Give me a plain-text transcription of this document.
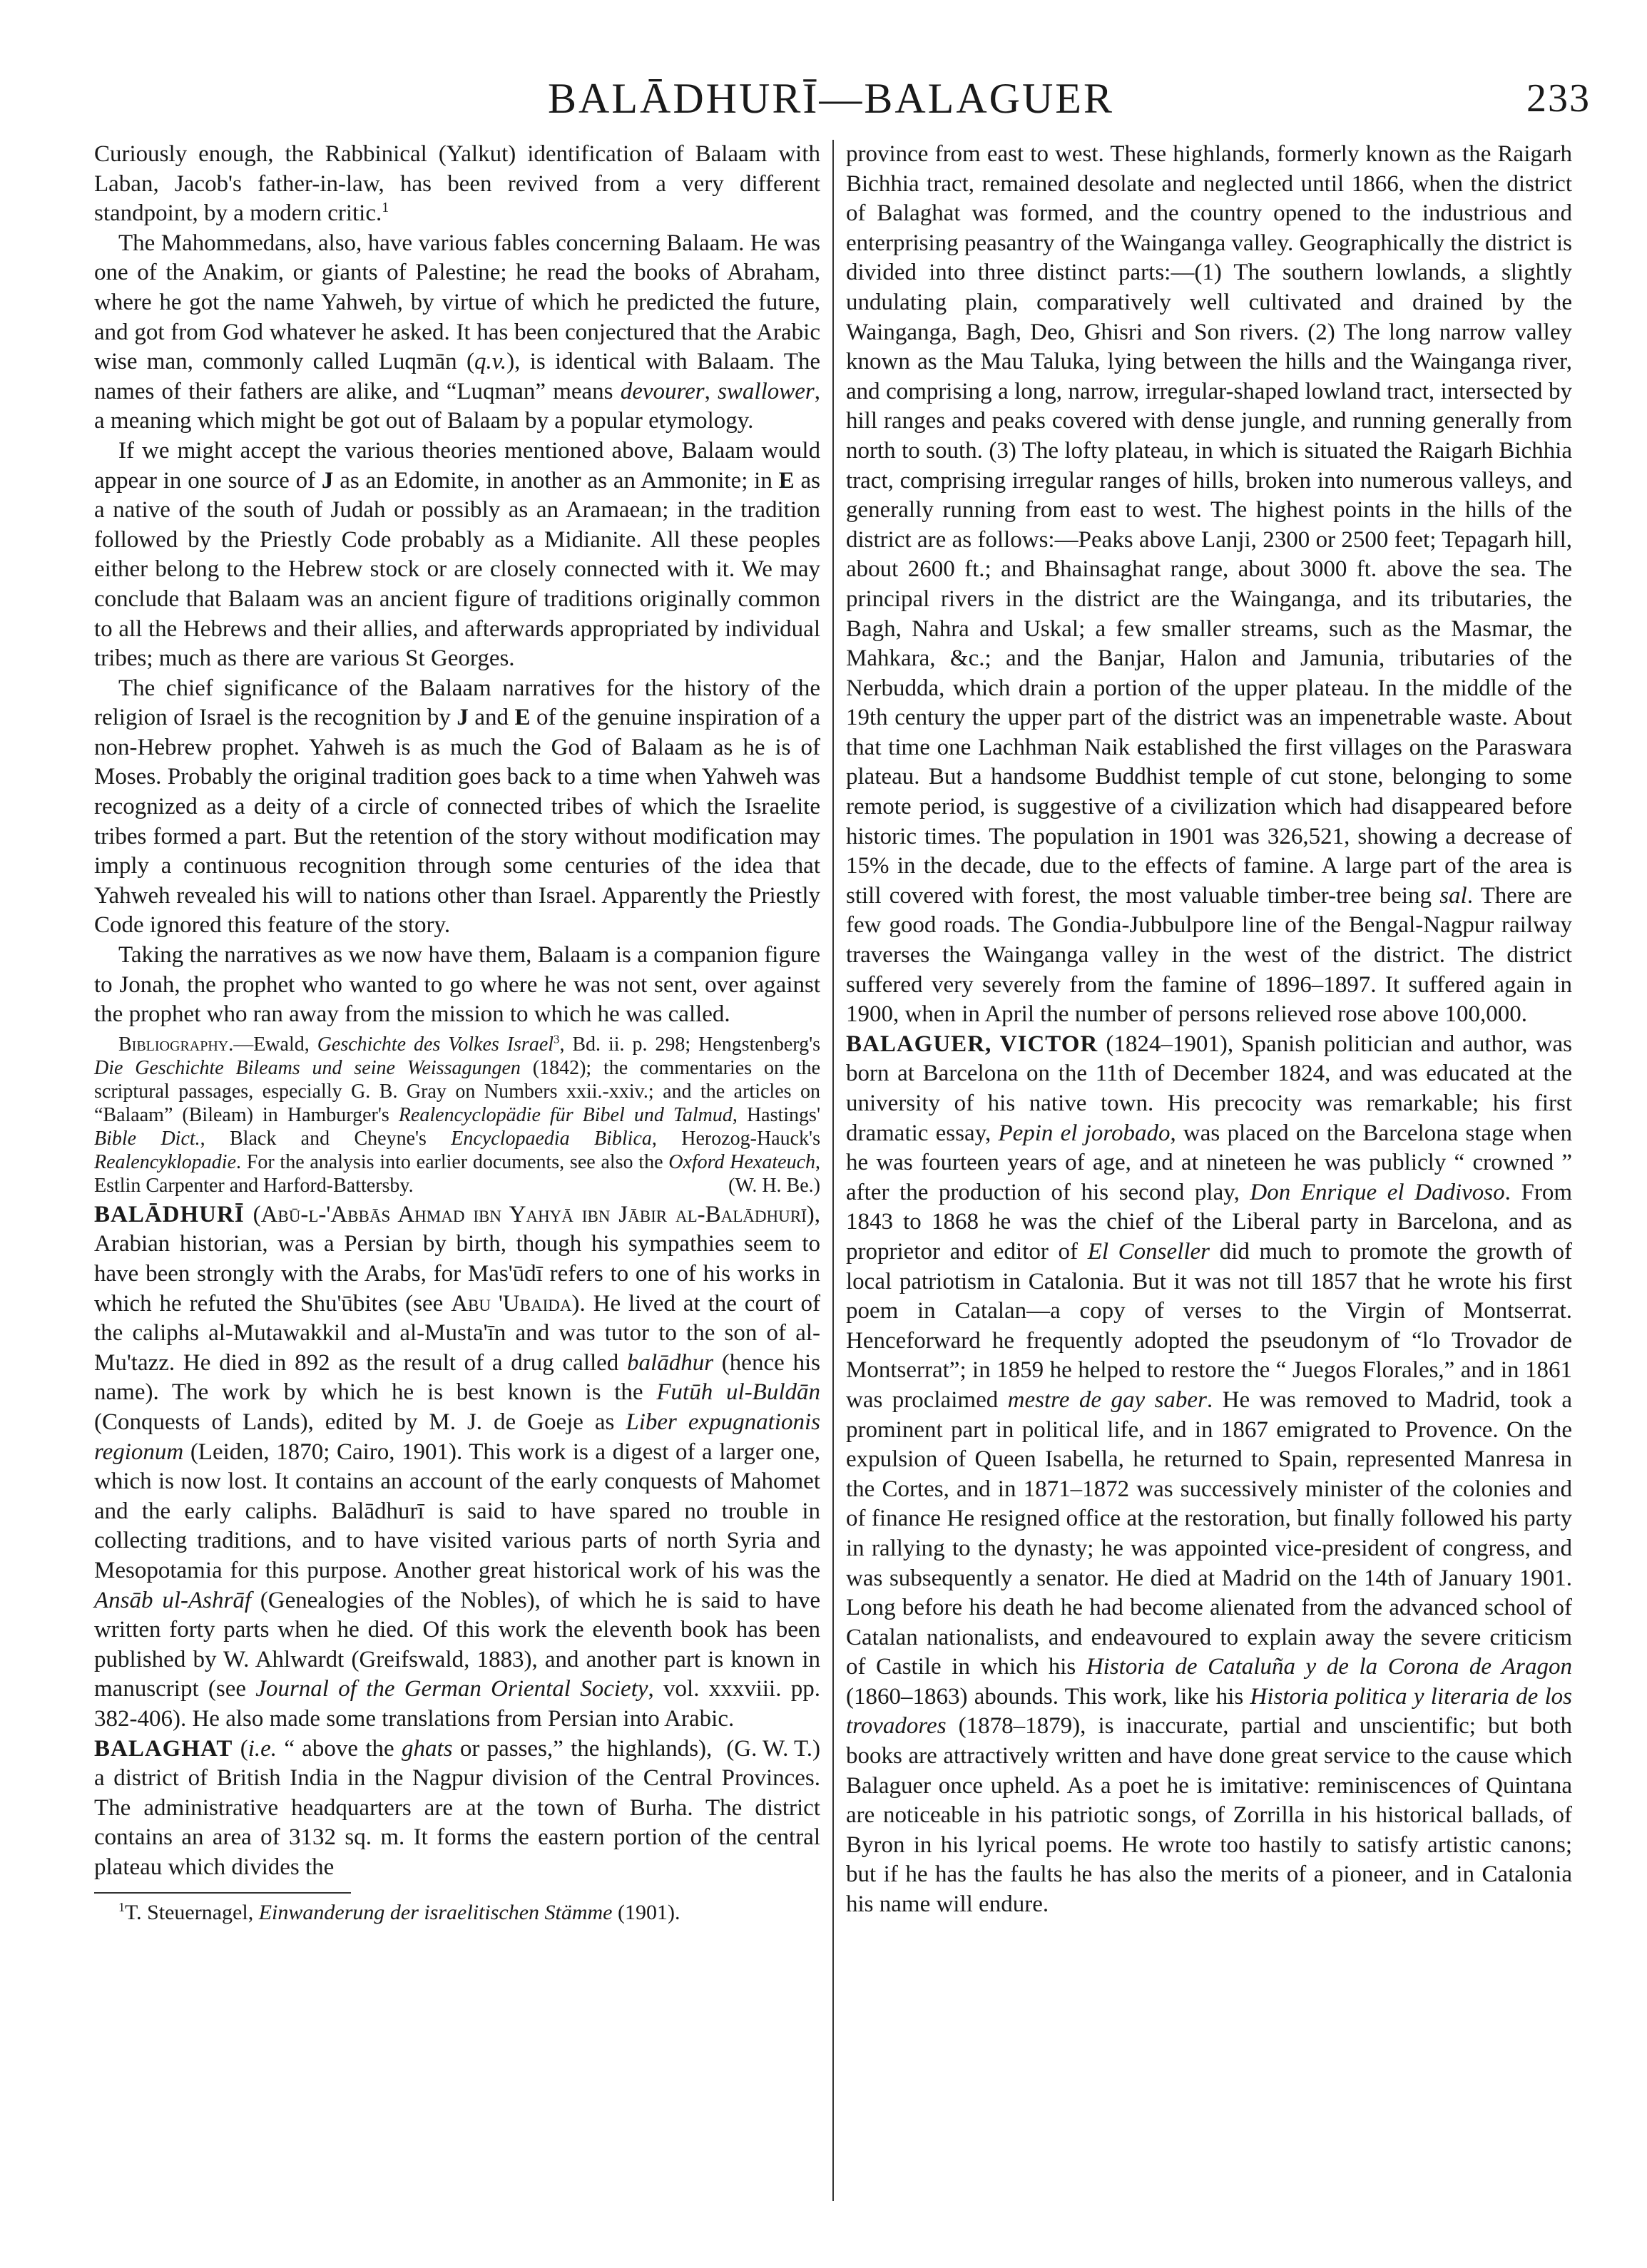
BALĀDHURĪ—BALAGUER	233

Curiously enough, the Rabbinical (Yalkut) identification of Balaam with Laban, Jacob's father-in-law, has been revived from a very different standpoint, by a modern critic.$^1$

The Mahommedans, also, have various fables concerning Balaam. He was one of the Anakim, or giants of Palestine; he read the books of Abraham, where he got the name Yahweh, by virtue of which he predicted the future, and got from God whatever he asked. It has been conjectured that the Arabic wise man, commonly called Luqmān (q.v.), is identical with Balaam. The names of their fathers are alike, and “Luqman” means devourer, swallower, a meaning which might be got out of Balaam by a popular etymology.

If we might accept the various theories mentioned above, Balaam would appear in one source of J as an Edomite, in another as an Ammonite; in E as a native of the south of Judah or possibly as an Aramaean; in the tradition followed by the Priestly Code probably as a Midianite. All these peoples either belong to the Hebrew stock or are closely connected with it. We may conclude that Balaam was an ancient figure of traditions originally common to all the Hebrews and their allies, and afterwards appropriated by individual tribes; much as there are various St Georges.

The chief significance of the Balaam narratives for the history of the religion of Israel is the recognition by J and E of the genuine inspiration of a non-Hebrew prophet. Yahweh is as much the God of Balaam as he is of Moses. Probably the original tradition goes back to a time when Yahweh was recognized as a deity of a circle of connected tribes of which the Israelite tribes formed a part. But the retention of the story without modification may imply a continuous recognition through some centuries of the idea that Yahweh revealed his will to nations other than Israel. Apparently the Priestly Code ignored this feature of the story.

Taking the narratives as we now have them, Balaam is a companion figure to Jonah, the prophet who wanted to go where he was not sent, over against the prophet who ran away from the mission to which he was called.

Bibliography.—Ewald, Geschichte des Volkes Israel$^3$, Bd. ii. p. 298; Hengstenberg's Die Geschichte Bileams und seine Weissagungen (1842); the commentaries on the scriptural passages, especially G. B. Gray on Numbers xxii.-xxiv.; and the articles on “Balaam” (Bileam) in Hamburger's Realencyclopädie für Bibel und Talmud, Hastings' Bible Dict., Black and Cheyne's Encyclopaedia Biblica, Herozog-Hauck's Realencyklopadie. For the analysis into earlier documents, see also the Oxford Hexateuch, Estlin Carpenter and Harford-Battersby.	(W. H. Be.)

BALĀDHURĪ (Abū-l-'Abbās Ahmad ibn Yahyā ibn Jābir al-Balādhurī), Arabian historian, was a Persian by birth, though his sympathies seem to have been strongly with the Arabs, for Mas'ūdī refers to one of his works in which he refuted the Shu'ūbites (see Abu 'Ubaida). He lived at the court of the caliphs al-Mutawakkil and al-Musta'īn and was tutor to the son of al-Mu'tazz. He died in 892 as the result of a drug called balādhur (hence his name). The work by which he is best known is the Futūh ul-Buldān (Conquests of Lands), edited by M. J. de Goeje as Liber expugnationis regionum (Leiden, 1870; Cairo, 1901). This work is a digest of a larger one, which is now lost. It contains an account of the early conquests of Mahomet and the early caliphs. Balādhurī is said to have spared no trouble in collecting traditions, and to have visited various parts of north Syria and Mesopotamia for this purpose. Another great historical work of his was the Ansāb ul-Ashrāf (Genealogies of the Nobles), of which he is said to have written forty parts when he died. Of this work the eleventh book has been published by W. Ahlwardt (Greifswald, 1883), and another part is known in manuscript (see Journal of the German Oriental Society, vol. xxxviii. pp. 382-406). He also made some translations from Persian into Arabic.
(G. W. T.)

BALAGHAT (i.e. “ above the ghats or passes,” the highlands), a district of British India in the Nagpur division of the Central Provinces. The administrative headquarters are at the town of Burha. The district contains an area of 3132 sq. m. It forms the eastern portion of the central plateau which divides the

$^1$T. Steuernagel, Einwanderung der israelitischen Stämme (1901).

province from east to west. These highlands, formerly known as the Raigarh Bichhia tract, remained desolate and neglected until 1866, when the district of Balaghat was formed, and the country opened to the industrious and enterprising peasantry of the Wainganga valley. Geographically the district is divided into three distinct parts:—(1) The southern lowlands, a slightly undulating plain, comparatively well cultivated and drained by the Wainganga, Bagh, Deo, Ghisri and Son rivers. (2) The long narrow valley known as the Mau Taluka, lying between the hills and the Wainganga river, and comprising a long, narrow, irregular-shaped lowland tract, intersected by hill ranges and peaks covered with dense jungle, and running generally from north to south. (3) The lofty plateau, in which is situated the Raigarh Bichhia tract, comprising irregular ranges of hills, broken into numerous valleys, and generally running from east to west. The highest points in the hills of the district are as follows:—Peaks above Lanji, 2300 or 2500 feet; Tepagarh hill, about 2600 ft.; and Bhainsaghat range, about 3000 ft. above the sea. The principal rivers in the district are the Wainganga, and its tributaries, the Bagh, Nahra and Uskal; a few smaller streams, such as the Masmar, the Mahkara, &c.; and the Banjar, Halon and Jamunia, tributaries of the Nerbudda, which drain a portion of the upper plateau. In the middle of the 19th century the upper part of the district was an impenetrable waste. About that time one Lachhman Naik established the first villages on the Paraswara plateau. But a handsome Buddhist temple of cut stone, belonging to some remote period, is suggestive of a civilization which had disappeared before historic times. The population in 1901 was 326,521, showing a decrease of 15% in the decade, due to the effects of famine. A large part of the area is still covered with forest, the most valuable timber-tree being sal. There are few good roads. The Gondia-Jubbulpore line of the Bengal-Nagpur railway traverses the Wainganga valley in the west of the district. The district suffered very severely from the famine of 1896–1897. It suffered again in 1900, when in April the number of persons relieved rose above 100,000.

BALAGUER, VICTOR (1824–1901), Spanish politician and author, was born at Barcelona on the 11th of December 1824, and was educated at the university of his native town. His precocity was remarkable; his first dramatic essay, Pepin el jorobado, was placed on the Barcelona stage when he was fourteen years of age, and at nineteen he was publicly “ crowned ” after the production of his second play, Don Enrique el Dadivoso. From 1843 to 1868 he was the chief of the Liberal party in Barcelona, and as proprietor and editor of El Conseller did much to promote the growth of local patriotism in Catalonia. But it was not till 1857 that he wrote his first poem in Catalan—a copy of verses to the Virgin of Montserrat. Henceforward he frequently adopted the pseudonym of “lo Trovador de Montserrat”; in 1859 he helped to restore the “ Juegos Florales,” and in 1861 was proclaimed mestre de gay saber. He was removed to Madrid, took a prominent part in political life, and in 1867 emigrated to Provence. On the expulsion of Queen Isabella, he returned to Spain, represented Manresa in the Cortes, and in 1871–1872 was successively minister of the colonies and of finance He resigned office at the restoration, but finally followed his party in rallying to the dynasty; he was appointed vice-president of congress, and was subsequently a senator. He died at Madrid on the 14th of January 1901. Long before his death he had become alienated from the advanced school of Catalan nationalists, and endeavoured to explain away the severe criticism of Castile in which his Historia de Cataluña y de la Corona de Aragon (1860–1863) abounds. This work, like his Historia politica y literaria de los trovadores (1878–1879), is inaccurate, partial and unscientific; but both books are attractively written and have done great service to the cause which Balaguer once upheld. As a poet he is imitative: reminiscences of Quintana are noticeable in his patriotic songs, of Zorrilla in his historical ballads, of Byron in his lyrical poems. He wrote too hastily to satisfy artistic canons; but if he has the faults he has also the merits of a pioneer, and in Catalonia his name will endure.
